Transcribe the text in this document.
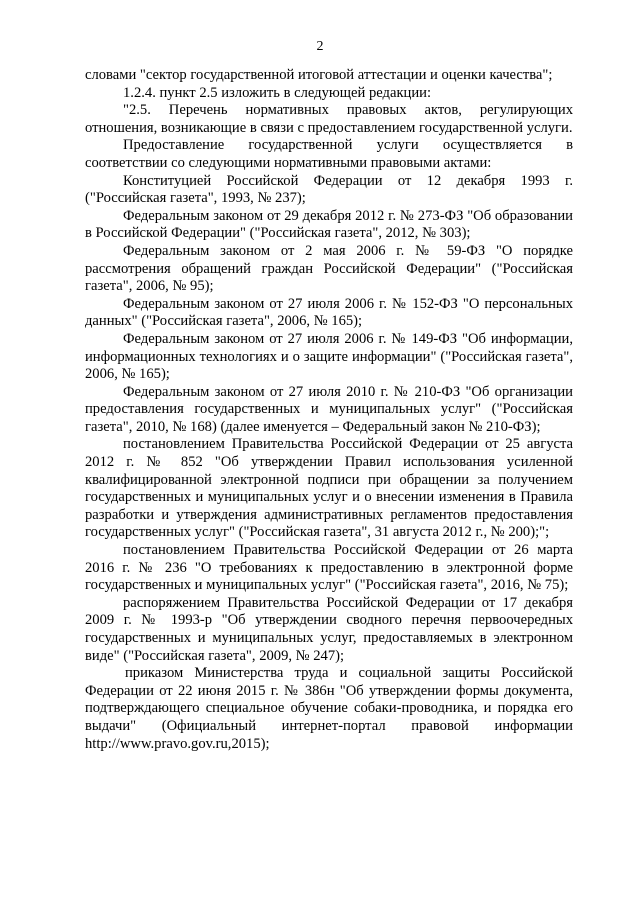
2

словами "сектор государственной итоговой аттестации и оценки качества";

1.2.4. пункт 2.5 изложить в следующей редакции:

"2.5. Перечень нормативных правовых актов, регулирующих отношения, возникающие в связи с предоставлением государственной услуги.

Предоставление государственной услуги осуществляется в соответствии со следующими нормативными правовыми актами:

Конституцией Российской Федерации от 12 декабря 1993 г. ("Российская газета", 1993, № 237);

Федеральным законом от 29 декабря 2012 г. № 273-ФЗ "Об образовании в Российской Федерации" ("Российская газета", 2012, № 303);

Федеральным законом от 2 мая 2006 г. № 59-ФЗ "О порядке рассмотрения обращений граждан Российской Федерации" ("Российская газета", 2006, № 95);

Федеральным законом от 27 июля 2006 г. № 152-ФЗ "О персональных данных" ("Российская газета", 2006, № 165);

Федеральным законом от 27 июля 2006 г. № 149-ФЗ "Об информации, информационных технологиях и о защите информации" ("Российская газета", 2006, № 165);

Федеральным законом от 27 июля 2010 г. № 210-ФЗ "Об организации предоставления государственных и муниципальных услуг" ("Российская газета", 2010, № 168) (далее именуется – Федеральный закон № 210-ФЗ);

постановлением Правительства Российской Федерации от 25 августа 2012 г. № 852 "Об утверждении Правил использования усиленной квалифицированной электронной подписи при обращении за получением государственных и муниципальных услуг и о внесении изменения в Правила разработки и утверждения административных регламентов предоставления государственных услуг" ("Российская газета", 31 августа 2012 г., № 200);";

постановлением Правительства Российской Федерации от 26 марта 2016 г. № 236 "О требованиях к предоставлению в электронной форме государственных и муниципальных услуг" ("Российская газета", 2016, № 75);

распоряжением Правительства Российской Федерации от 17 декабря 2009 г. № 1993-р "Об утверждении сводного перечня первоочередных государственных и муниципальных услуг, предоставляемых в электронном виде" ("Российская газета", 2009, № 247);

приказом Министерства труда и социальной защиты Российской Федерации от 22 июня 2015 г. № 386н "Об утверждении формы документа, подтверждающего специальное обучение собаки-проводника, и порядка его выдачи" (Официальный интернет-портал правовой информации http://www.pravo.gov.ru,2015);
